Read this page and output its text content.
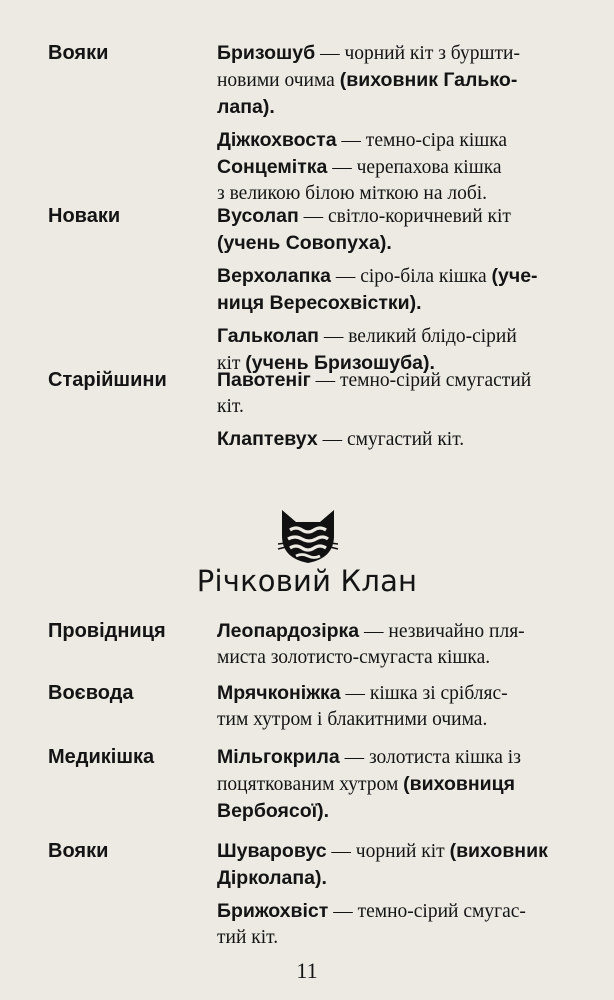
Вояки	Бризошуб — чорний кіт з буршти-
новими очима (виховник Галько-
лапа).
Діжкохвоста — темно-сіра кішка
Сонцемітка — черепахова кішка
з великою білою міткою на лобі.
Новаки	Вусолап — світло-коричневий кіт
(учень Совопуха).
Верхолапка — сіро-біла кішка (уче-
ниця Вересохвістки).
Гальколап — великий блідо-сірий
кіт (учень Бризошуба).
Старійшини	Павотеніг — темно-сірий смугастий
кіт.
Клаптевух — смугастий кіт.
Річковий Клан
Провідниця	Леопардозірка — незвичайно пля-
миста золотисто-смугаста кішка.
Воєвода	Мрячконіжка — кішка зі срібляс-
тим хутром і блакитними очима.
Медикішка	Мільгокрила — золотиста кішка із
поцятковaним хутром (виховниця
Вербоясої).
Вояки	Шуваровус — чорний кіт (виховник
Дірколапа).
Брижохвіст — темно-сірий смугас-
тий кіт.
11
